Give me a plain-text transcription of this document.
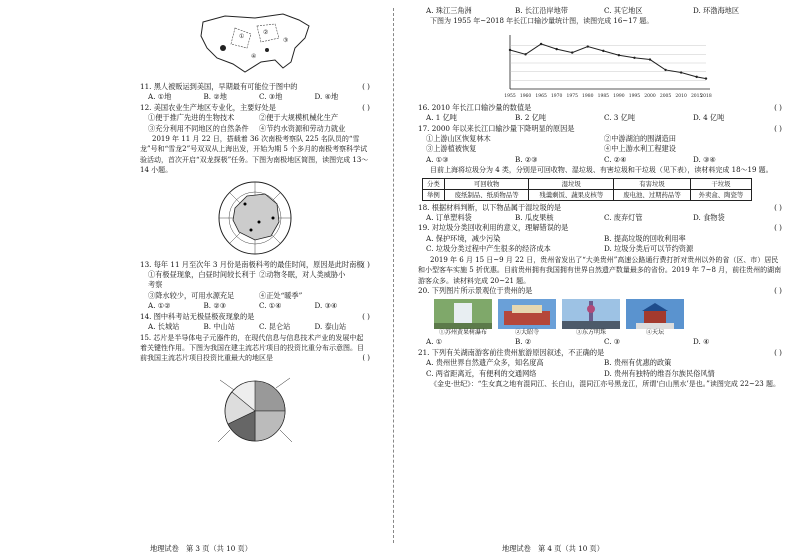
①
②
③
④
11. 黑人被贩运到美国，早期最有可能位于图中的	( )
A. ①地	B. ②地	C. ③地	D. ④地
12. 美国农业生产地区专业化，主要好处是	( )
①便于推广先进的生物技术	②便于大规模机械化生产
③充分利用不同地区的自然条件	④节约水资源和劳动力就业
2019 年 11 月 22 日，搭载着 36 次南极考察队 225 名队员的“雪龙”号和“雪龙2”号双双从上海出发，开始为期 5 个多月的南极考察科学试验活动，首次开启“双龙探极”任务。下图为南极地区简图，读图完成 13～14 小题。
13. 每年 11 月至次年 3 月份是南极科考的最佳时间，原因是此时南极
( )
①有极昼现象，白昼时间较长利于考察
②动物冬眠，对人类威胁小
③降水较少，可用水源充足	④正处“暖季”
A. ①②	B. ②③	C. ①④	D. ③④
14. 图中科考站无极昼极夜现象的是	( )
A. 长城站	B. 中山站	C. 昆仑站	D. 泰山站
15. 芯片是半导体电子元器件的，在现代信息与信息技术产业的发展中起着关键性作用。下图为我国在建主流芯片项目的投资比重分布示意图。目前我国主流芯片项目投资比重最大的地区是	( )
地理试卷　第 3 页（共 10 页）
A. 珠江三角洲	B. 长江沿岸地带	C. 其它地区	D. 环渤海地区
下图为 1955 年~2018 年长江口输沙量统计图，读图完成 16~17 题。
1955 1960 1965 1970 1975 1980 1985 1990 1995 2000 2005 2010 2015
2018
16. 2010 年长江口输沙量的数值是	( )
A. 1 亿吨	B. 2 亿吨	C. 3 亿吨	D. 4 亿吨
17. 2000 年以来长江口输沙量下降明显的原因是	( )
①上游山区恢复林木	②中游湖泊的围湖造田
③上游植被恢复	④中上游水利工程建设
A. ①③	B. ②③	C. ②④	D. ③④
目前上海将垃圾分为 4 类，分别是可回收物、湿垃圾、有害垃圾和干垃圾（见下表），读材料完成 18～19 题。
分类	可回收物	湿垃圾	有害垃圾	干垃圾
举例	废纸制品、纸质物品等	残羹剩饭、蔬果皮核等	废电池、过期药品等	外卖盒、陶瓷等
18. 根据材料判断，以下物品属于湿垃圾的是	( )
A. 订单塑料袋	B. 瓜皮果核	C. 废弃灯管	D. 食物袋
19. 对垃圾分类回收利用的意义，理解错误的是	( )
A. 保护环境，减少污染	B. 提高垃圾的回收利用率
C. 垃圾分类过程中产生很多的经济成本	D. 垃圾分类后可以节约资源
2019 年 6 月 15 日~9 月 22 日，贵州省发出了“大美贵州”高速公路通行费打折对贵州以外的省（区、市）居民和小型客车实施 5 折优惠。目前贵州拥有我国拥有世界自然遗产数量最多的省份。2019 年 7~8 月，前往贵州的湖南游客众多。读材料完成 20~21 题。
20. 下列图片所示景观位于贵州的是	( )
①苏州黄果树瀑布	②大昭寺	③东方明珠	④天坛
A. ①	B. ②	C. ③	D. ④
21. 下列有关湖南游客前往贵州旅游原因叙述，不正确的是	( )
A. 贵州世界自然遗产众多，知名度高	B. 贵州有优惠的政策
C. 两省距离近，有便利的交通网络	D. 贵州有独特的维吾尔族民俗风情
《金史·世纪》：“生女真之地有混同江、长白山，混同江亦号黑龙江，所谓‘白山黑水’是也。”读图完成 22~23 题。
地理试卷　第 4 页（共 10 页）
